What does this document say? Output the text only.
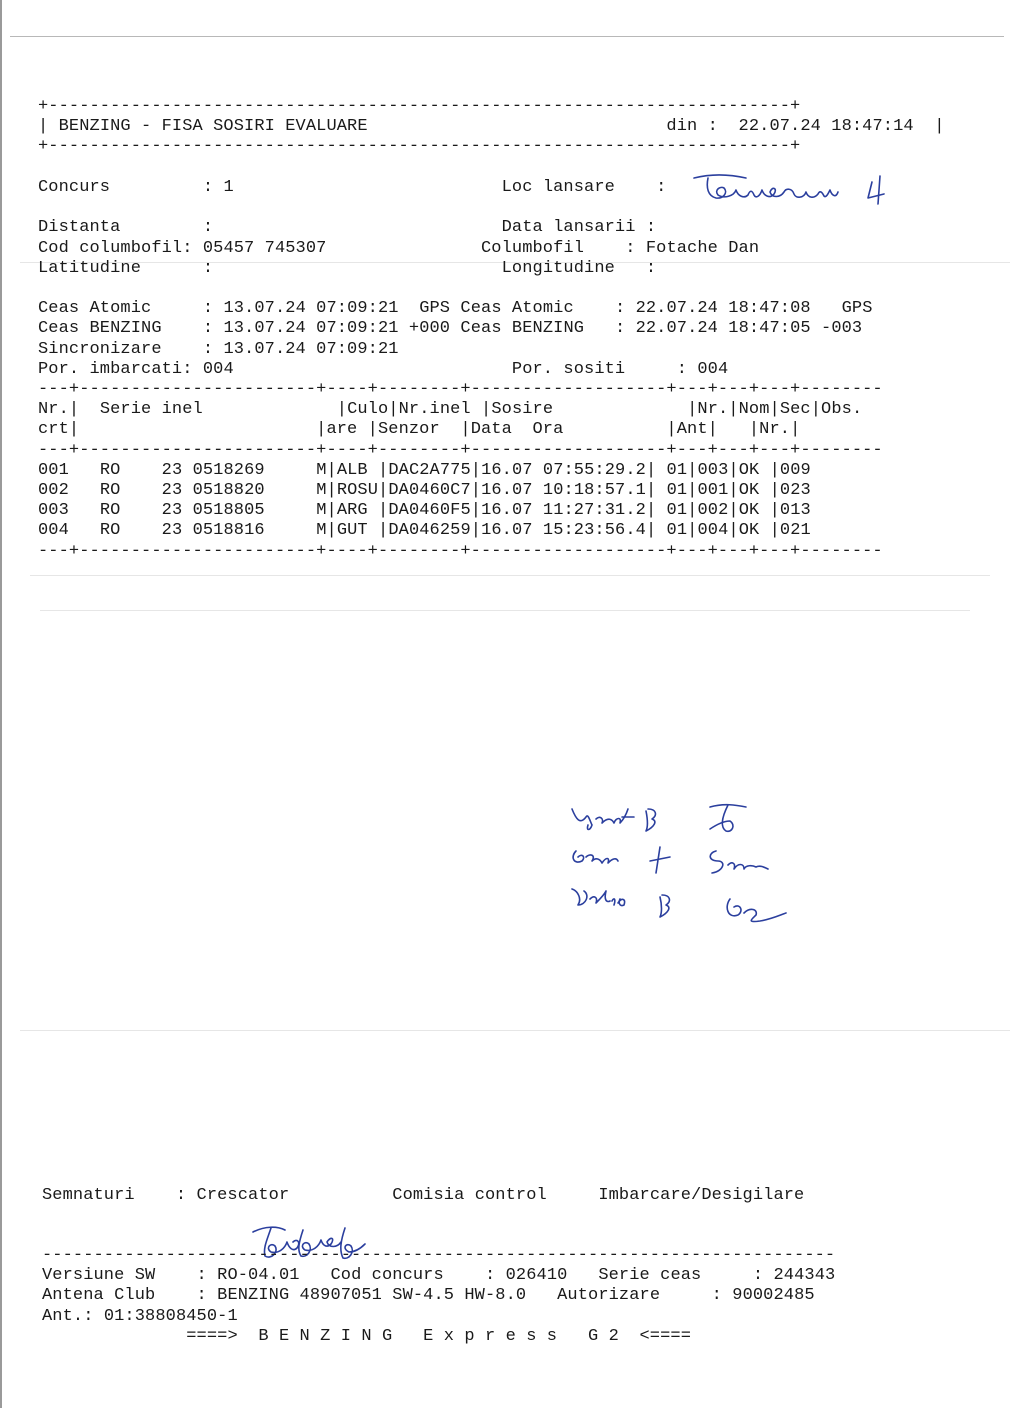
+------------------------------------------------------------------------+
| BENZING - FISA SOSIRI EVALUARE	din : 22.07.24 18:47:14  |
+------------------------------------------------------------------------+
Concurs         : 1	Loc lansare    :

Distanta        :	Data lansarii :
Cod columbofil: 05457 745307	Columbofil    : Fotache Dan
Latitudine      :	Longitudine   :

Ceas Atomic     : 13.07.24 07:09:21 GPS Ceas Atomic    : 22.07.24 18:47:08 GPS
Ceas BENZING    : 13.07.24 07:09:21 +000 Ceas BENZING   : 22.07.24 18:47:05 -003
Sincronizare    : 13.07.24 07:09:21
Por. imbarcati: 004	Por. sositi     : 004
---+-----------------------+----+--------+-------------------+---+---+---+--------
Nr.|  Serie inel             |Culo|Nr.inel |Sosire             |Nr.|Nom|Sec|Obs.
crt|                       |are |Senzor  |Data  Ora          |Ant|   |Nr.|
---+-----------------------+----+--------+-------------------+---+---+---+--------
001 RO 23 0518269	M|ALB |DAC2A775|16.07 07:55:29.2| 01|003|OK |009
002 RO 23 0518820	M|ROSU|DA0460C7|16.07 10:18:57.1| 01|001|OK |023
003 RO 23 0518805	M|ARG |DA0460F5|16.07 11:27:31.2| 01|002|OK |013
004 RO 23 0518816	M|GUT |DA046259|16.07 15:23:56.4| 01|004|OK |021
---+-----------------------+----+--------+-------------------+---+---+---+--------
Semnaturi    : Crescator	Comisia control	Imbarcare/Desigilare
-----------------------------------------------------------------------------
Versiune SW    : RO-04.01 Cod concurs    : 026410 Serie ceas     : 244343
Antena Club    : BENZING 48907051 SW-4.5 HW-8.0 Autorizare     : 90002485
Ant.: 01:38808450-1
====>  B E N Z I N G   E x p r e s s   G 2  <====
